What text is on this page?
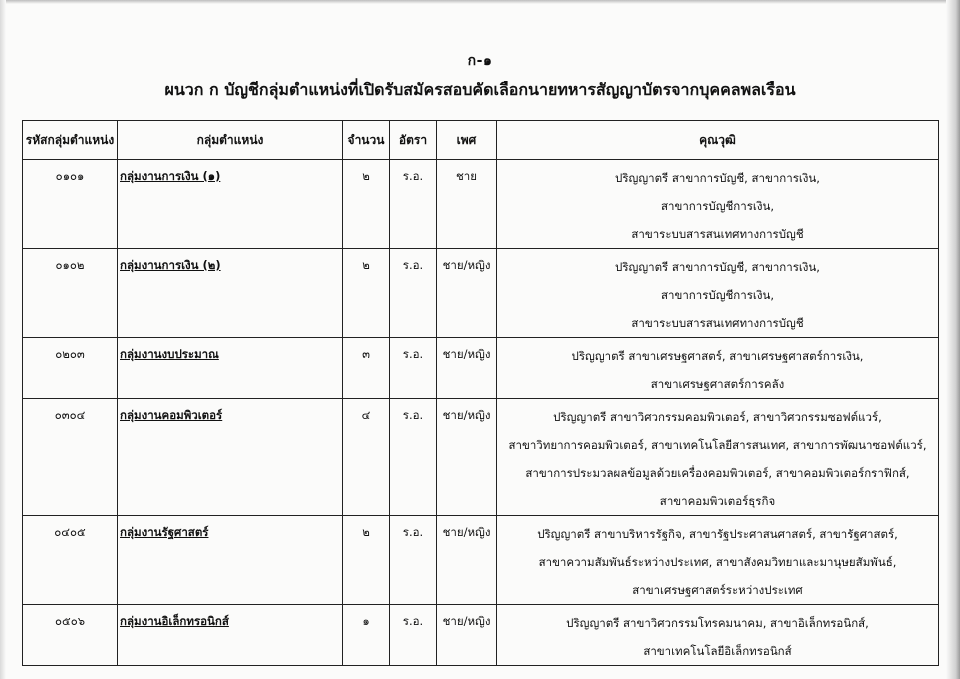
ก-๑
ผนวก ก บัญชีกลุ่มตำแหน่งที่เปิดรับสมัครสอบคัดเลือกนายทหารสัญญาบัตรจากบุคคลพลเรือน
รหัสกลุ่มตำแหน่ง	กลุ่มตำแหน่ง	จำนวน	อัตรา	เพศ	คุณวุฒิ
๐๑๐๑	กลุ่มงานการเงิน (๑)	๒	ร.อ.	ชาย	ปริญญาตรี สาขาการบัญชี, สาขาการเงิน,
สาขาการบัญชีการเงิน,
สาขาระบบสารสนเทศทางการบัญชี

๐๑๐๒	กลุ่มงานการเงิน (๒)	๒	ร.อ.	ชาย/หญิง	ปริญญาตรี สาขาการบัญชี, สาขาการเงิน,
สาขาการบัญชีการเงิน,
สาขาระบบสารสนเทศทางการบัญชี

๐๒๐๓	กลุ่มงานงบประมาณ	๓	ร.อ.	ชาย/หญิง	ปริญญาตรี สาขาเศรษฐศาสตร์, สาขาเศรษฐศาสตร์การเงิน,
สาขาเศรษฐศาสตร์การคลัง

๐๓๐๔	กลุ่มงานคอมพิวเตอร์	๔	ร.อ.	ชาย/หญิง	ปริญญาตรี สาขาวิศวกรรมคอมพิวเตอร์, สาขาวิศวกรรมซอฟต์แวร์,
สาขาวิทยาการคอมพิวเตอร์, สาขาเทคโนโลยีสารสนเทศ, สาขาการพัฒนาซอฟต์แวร์,
สาขาการประมวลผลข้อมูลด้วยเครื่องคอมพิวเตอร์, สาขาคอมพิวเตอร์กราฟิกส์,
สาขาคอมพิวเตอร์ธุรกิจ

๐๔๐๕	กลุ่มงานรัฐศาสตร์	๒	ร.อ.	ชาย/หญิง	ปริญญาตรี สาขาบริหารรัฐกิจ, สาขารัฐประศาสนศาสตร์, สาขารัฐศาสตร์,
สาขาความสัมพันธ์ระหว่างประเทศ, สาขาสังคมวิทยาและมานุษยสัมพันธ์,
สาขาเศรษฐศาสตร์ระหว่างประเทศ

๐๕๐๖	กลุ่มงานอิเล็กทรอนิกส์	๑	ร.อ.	ชาย/หญิง	ปริญญาตรี สาขาวิศวกรรมโทรคมนาคม, สาขาอิเล็กทรอนิกส์,
สาขาเทคโนโลยีอิเล็กทรอนิกส์
